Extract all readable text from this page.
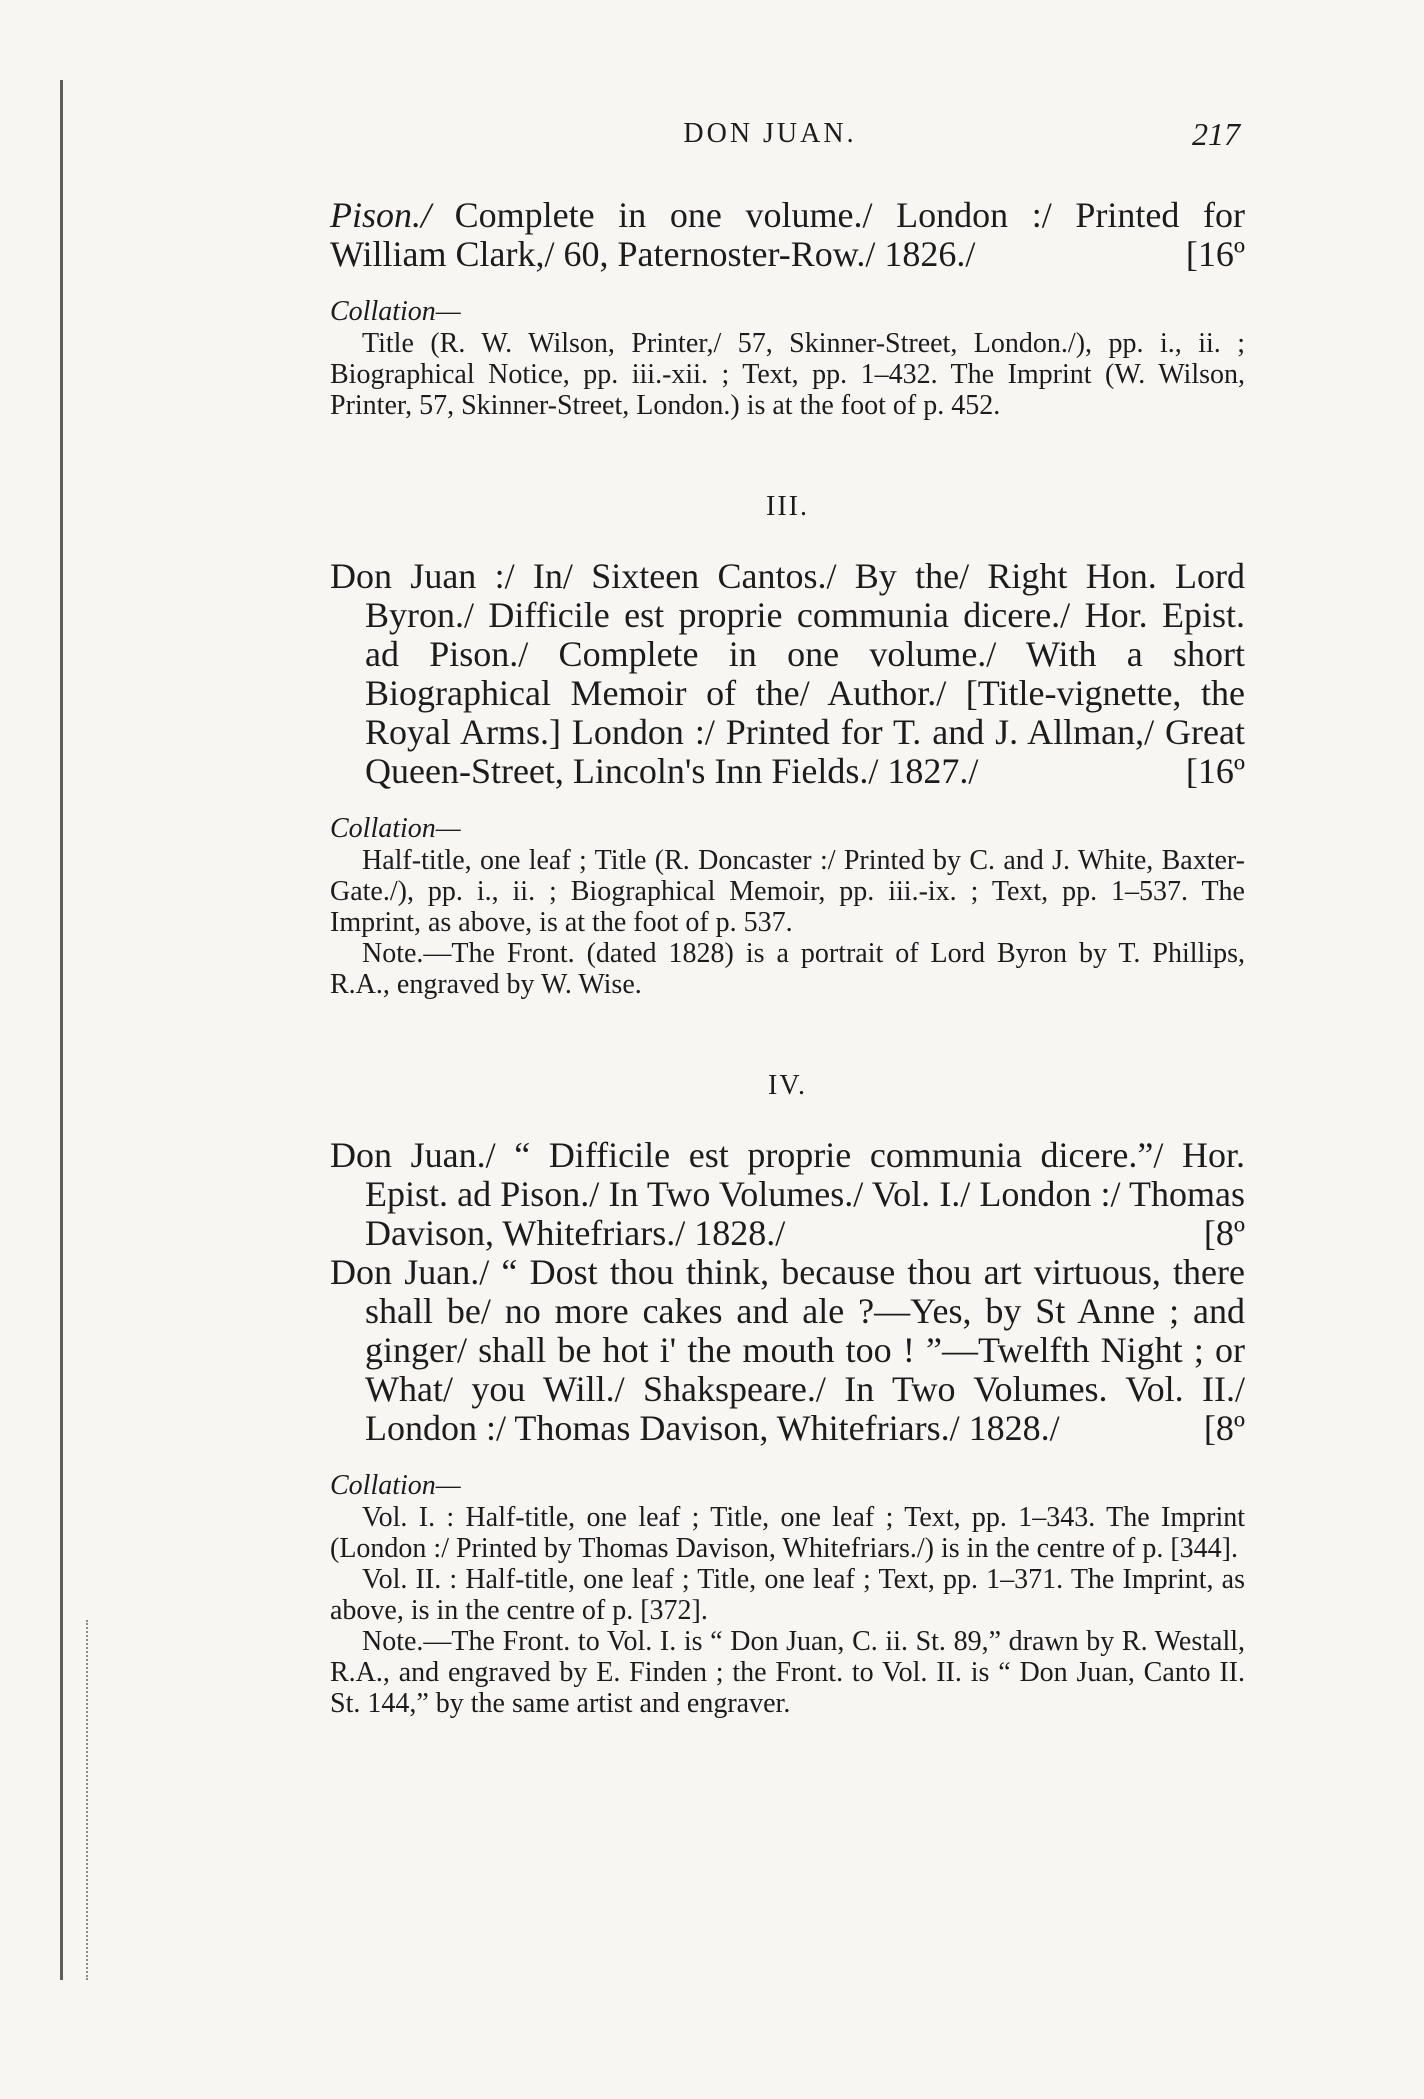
DON JUAN.	217
Pison./ Complete in one volume./ London :/ Printed for William Clark,/ 60, Paternoster-Row./ 1826./	[16º
Collation—

Title (R. W. Wilson, Printer,/ 57, Skinner-Street, London./), pp. i., ii. ; Biographical Notice, pp. iii.-xii. ; Text, pp. 1–432. The Imprint (W. Wilson, Printer, 57, Skinner-Street, London.) is at the foot of p. 452.

III.
Don Juan :/ In/ Sixteen Cantos./ By the/ Right Hon. Lord Byron./ Difficile est proprie communia dicere./ Hor. Epist. ad Pison./ Complete in one volume./ With a short Biographical Memoir of the/ Author./ [Title-vignette, the Royal Arms.] London :/ Printed for T. and J. Allman,/ Great Queen-Street, Lincoln's Inn Fields./ 1827./	[16º
Collation—

Half-title, one leaf ; Title (R. Doncaster :/ Printed by C. and J. White, Baxter-Gate./), pp. i., ii. ; Biographical Memoir, pp. iii.-ix. ; Text, pp. 1–537. The Imprint, as above, is at the foot of p. 537.

Note.—The Front. (dated 1828) is a portrait of Lord Byron by T. Phillips, R.A., engraved by W. Wise.

IV.
Don Juan./ “ Difficile est proprie communia dicere.”/ Hor. Epist. ad Pison./ In Two Volumes./ Vol. I./ London :/ Thomas Davison, Whitefriars./ 1828./	[8º
Don Juan./ “ Dost thou think, because thou art virtuous, there shall be/ no more cakes and ale ?—Yes, by St Anne ; and ginger/ shall be hot i' the mouth too ! ”—Twelfth Night ; or What/ you Will./ Shakspeare./ In Two Volumes. Vol. II./ London :/ Thomas Davison, Whitefriars./ 1828./	[8º
Collation—

Vol. I. : Half-title, one leaf ; Title, one leaf ; Text, pp. 1–343. The Imprint (London :/ Printed by Thomas Davison, Whitefriars./) is in the centre of p. [344].

Vol. II. : Half-title, one leaf ; Title, one leaf ; Text, pp. 1–371. The Imprint, as above, is in the centre of p. [372].

Note.—The Front. to Vol. I. is “ Don Juan, C. ii. St. 89,” drawn by R. Westall, R.A., and engraved by E. Finden ; the Front. to Vol. II. is “ Don Juan, Canto II. St. 144,” by the same artist and engraver.
